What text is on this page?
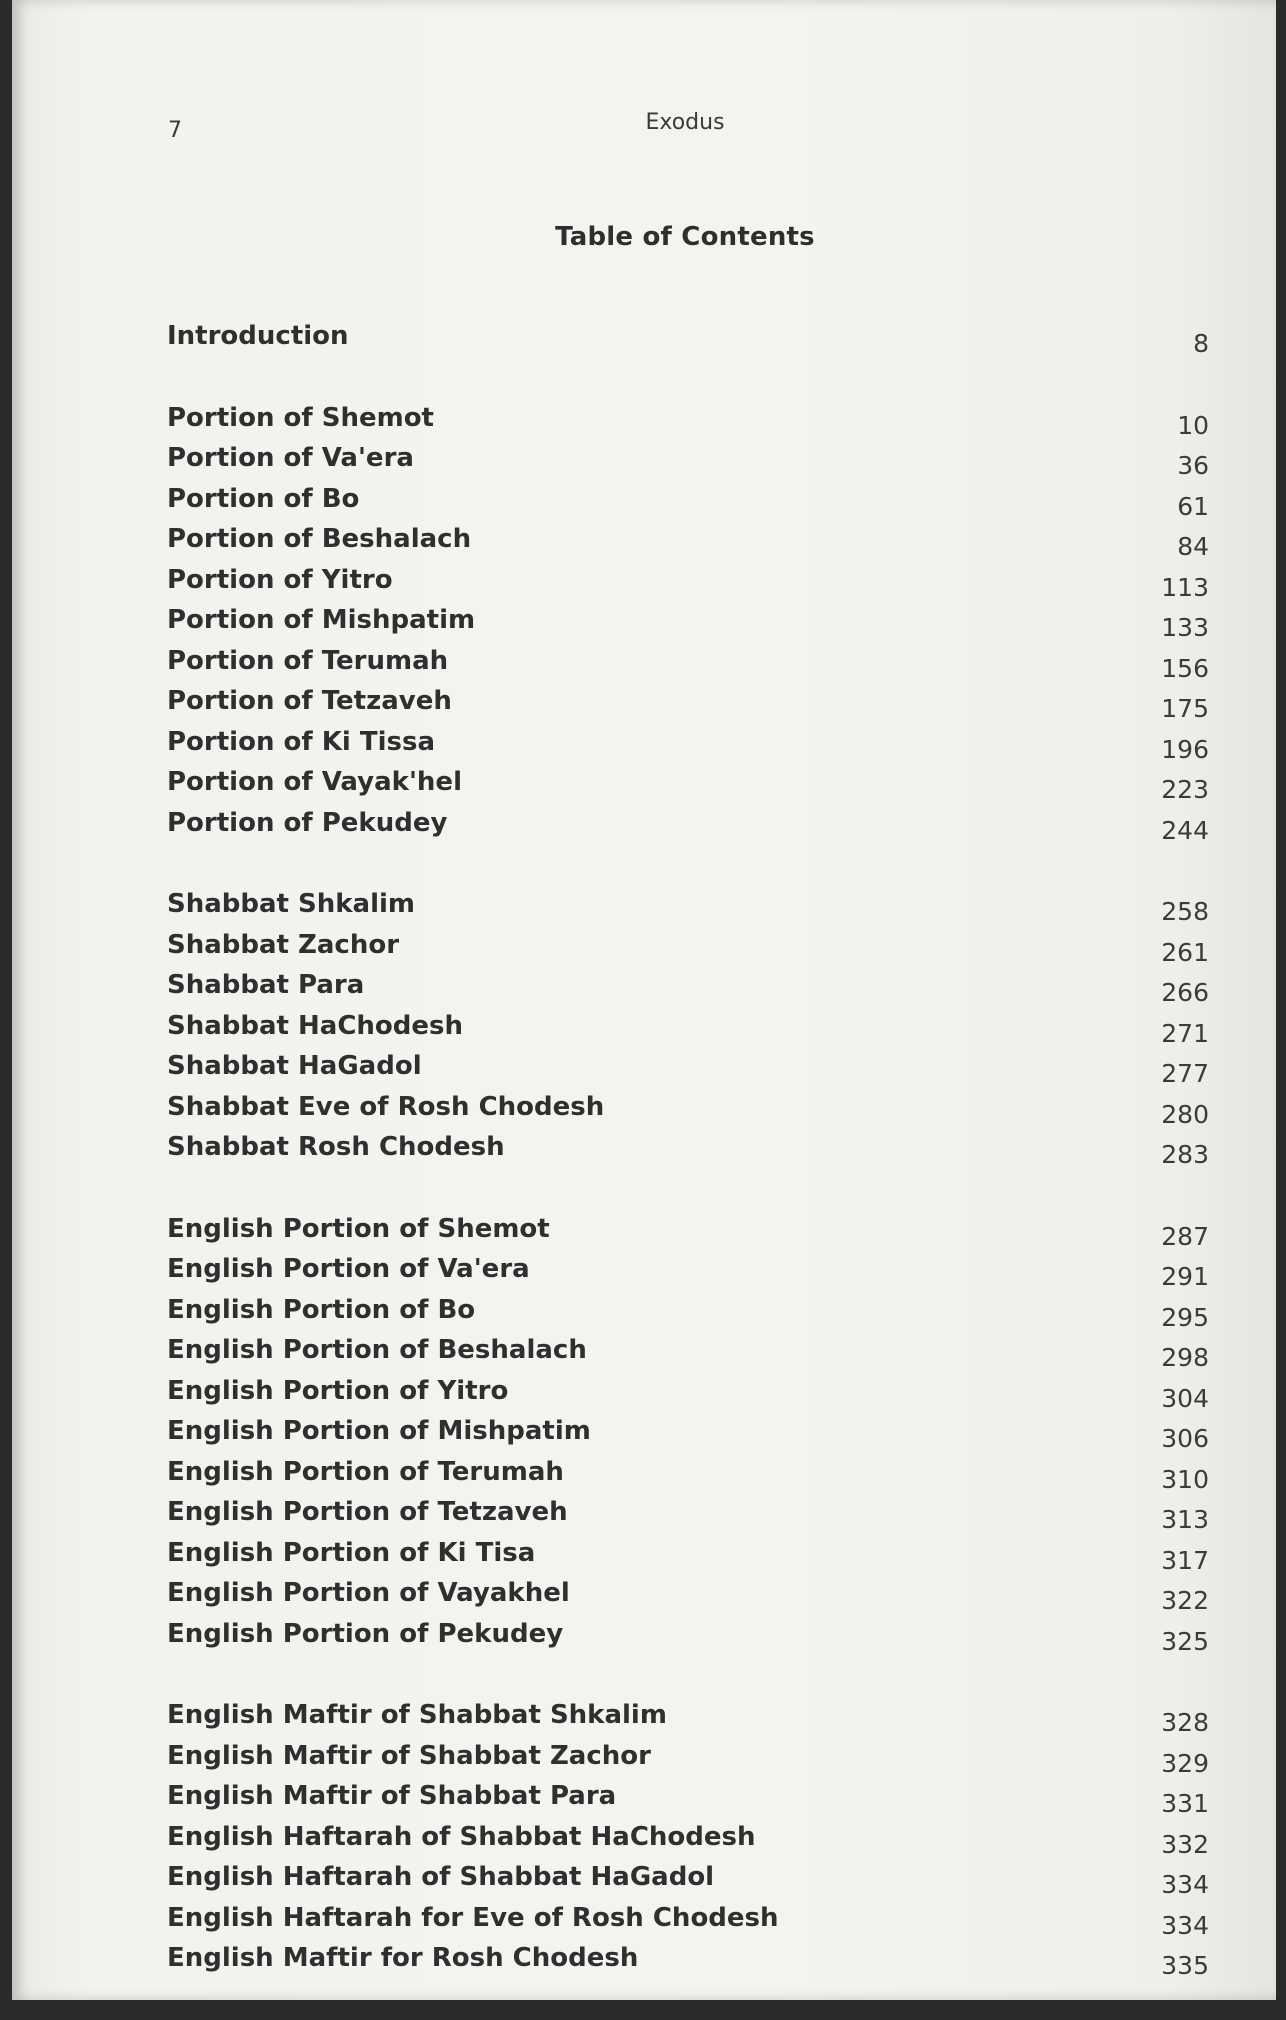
7	Exodus
Table of Contents
Introduction	8
Portion of Shemot	10
Portion of Va'era	36
Portion of Bo	61
Portion of Beshalach	84
Portion of Yitro	113
Portion of Mishpatim	133
Portion of Terumah	156
Portion of Tetzaveh	175
Portion of Ki Tissa	196
Portion of Vayak'hel	223
Portion of Pekudey	244
Shabbat Shkalim	258
Shabbat Zachor	261
Shabbat Para	266
Shabbat HaChodesh	271
Shabbat HaGadol	277
Shabbat Eve of Rosh Chodesh	280
Shabbat Rosh Chodesh	283
English Portion of Shemot	287
English Portion of Va'era	291
English Portion of Bo	295
English Portion of Beshalach	298
English Portion of Yitro	304
English Portion of Mishpatim	306
English Portion of Terumah	310
English Portion of Tetzaveh	313
English Portion of Ki Tisa	317
English Portion of Vayakhel	322
English Portion of Pekudey	325
English Maftir of Shabbat Shkalim	328
English Maftir of Shabbat Zachor	329
English Maftir of Shabbat Para	331
English Haftarah of Shabbat HaChodesh	332
English Haftarah of Shabbat HaGadol	334
English Haftarah for Eve of Rosh Chodesh	334
English Maftir for Rosh Chodesh	335
